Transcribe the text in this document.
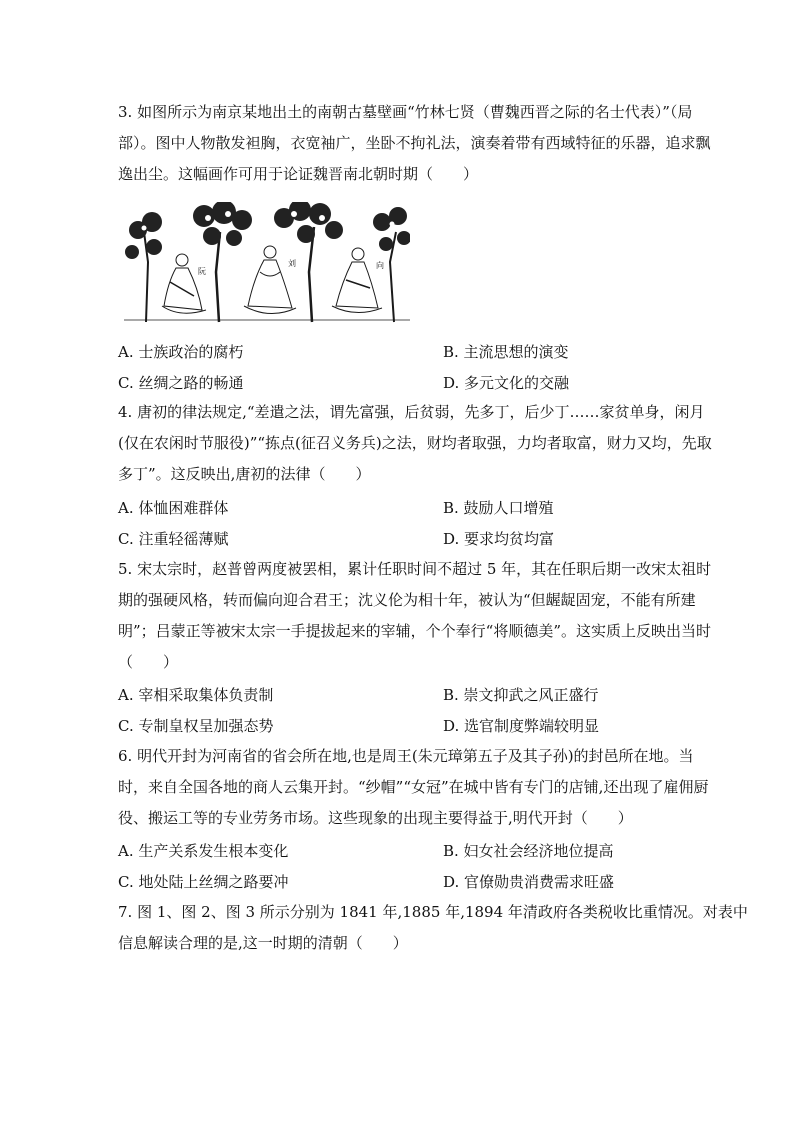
3. 如图所示为南京某地出土的南朝古墓壁画“竹林七贤（曹魏西晋之际的名士代表）”（局
部）。图中人物散发袒胸，衣宽袖广，坐卧不拘礼法，演奏着带有西域特征的乐器，追求飘
逸出尘。这幅画作可用于论证魏晋南北朝时期（　　）
阮
刘	向
A. 士族政治的腐朽	B. 主流思想的演变
C. 丝绸之路的畅通	D. 多元文化的交融
4. 唐初的律法规定,“差遣之法，谓先富强，后贫弱，先多丁，后少丁……家贫单身，闲月
(仅在农闲时节服役)”“拣点(征召义务兵)之法，财均者取强，力均者取富，财力又均，先取
多丁”。这反映出,唐初的法律（　　）
A. 体恤困难群体	B. 鼓励人口增殖
C. 注重轻徭薄赋	D. 要求均贫均富
5. 宋太宗时，赵普曾两度被罢相，累计任职时间不超过 5 年，其在任职后期一改宋太祖时
期的强硬风格，转而偏向迎合君王；沈义伦为相十年，被认为“但龌龊固宠，不能有所建
明”；吕蒙正等被宋太宗一手提拔起来的宰辅，个个奉行“将顺德美”。这实质上反映出当时
（　　）
A. 宰相采取集体负责制	B. 崇文抑武之风正盛行
C. 专制皇权呈加强态势	D. 选官制度弊端较明显
6. 明代开封为河南省的省会所在地,也是周王(朱元璋第五子及其子孙)的封邑所在地。当
时，来自全国各地的商人云集开封。“纱帽”“女冠”在城中皆有专门的店铺,还出现了雇佣厨
役、搬运工等的专业劳务市场。这些现象的出现主要得益于,明代开封（　　）
A. 生产关系发生根本变化	B. 妇女社会经济地位提高
C. 地处陆上丝绸之路要冲	D. 官僚勋贵消费需求旺盛
7. 图 1、图 2、图 3 所示分别为 1841 年,1885 年,1894 年清政府各类税收比重情况。对表中
信息解读合理的是,这一时期的清朝（　　）
